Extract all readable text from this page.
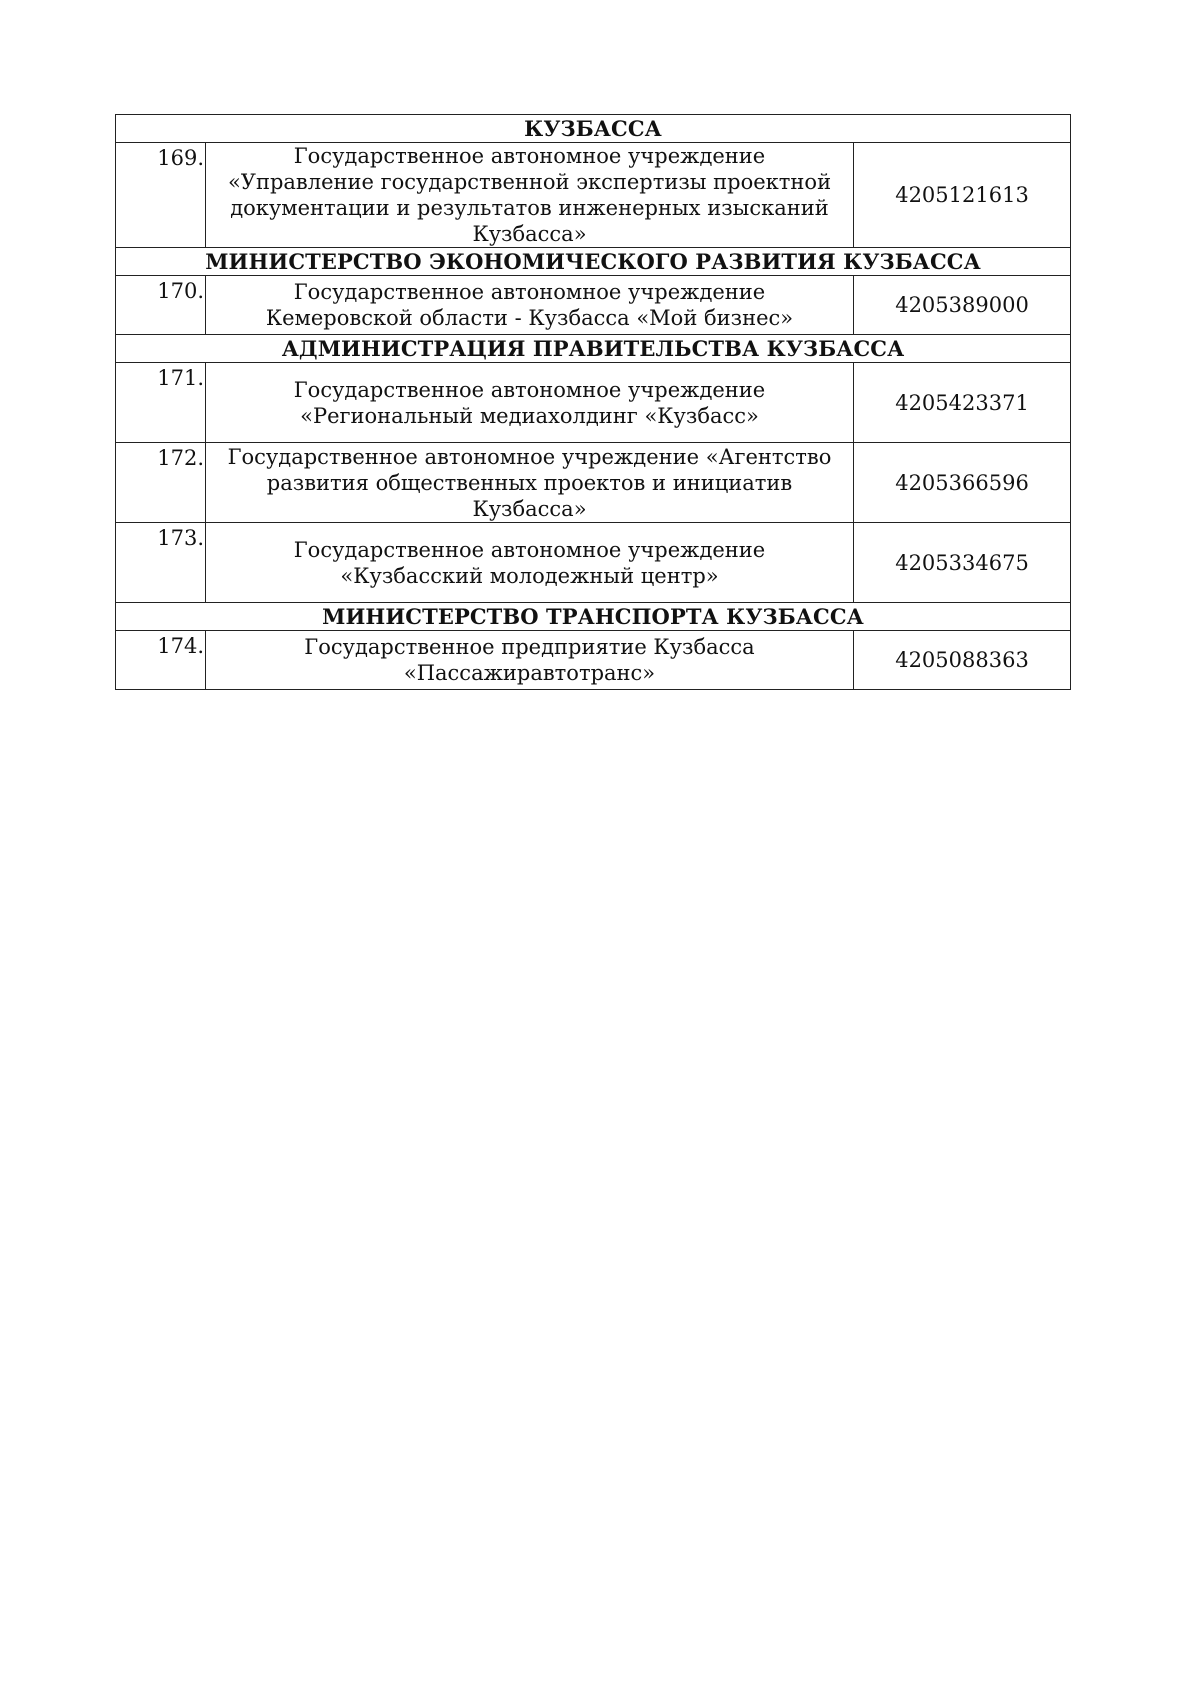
КУЗБАССА		
169.	Государственное автономное учреждение «Управление государственной экспертизы проектной документации и результатов инженерных изысканий Кузбасса»	4205121613
МИНИСТЕРСТВО ЭКОНОМИЧЕСКОГО РАЗВИТИЯ КУЗБАССА		
170.	Государственное автономное учреждение Кемеровской области - Кузбасса «Мой бизнес»	4205389000
АДМИНИСТРАЦИЯ ПРАВИТЕЛЬСТВА КУЗБАССА		
171.	Государственное автономное учреждение «Региональный медиахолдинг «Кузбасс»	4205423371
172.	Государственное автономное учреждение «Агентство развития общественных проектов и инициатив Кузбасса»	4205366596
173.	Государственное автономное учреждение «Кузбасский молодежный центр»	4205334675
МИНИСТЕРСТВО ТРАНСПОРТА КУЗБАССА		
174.	Государственное предприятие Кузбасса «Пассажиравтотранс»	4205088363
